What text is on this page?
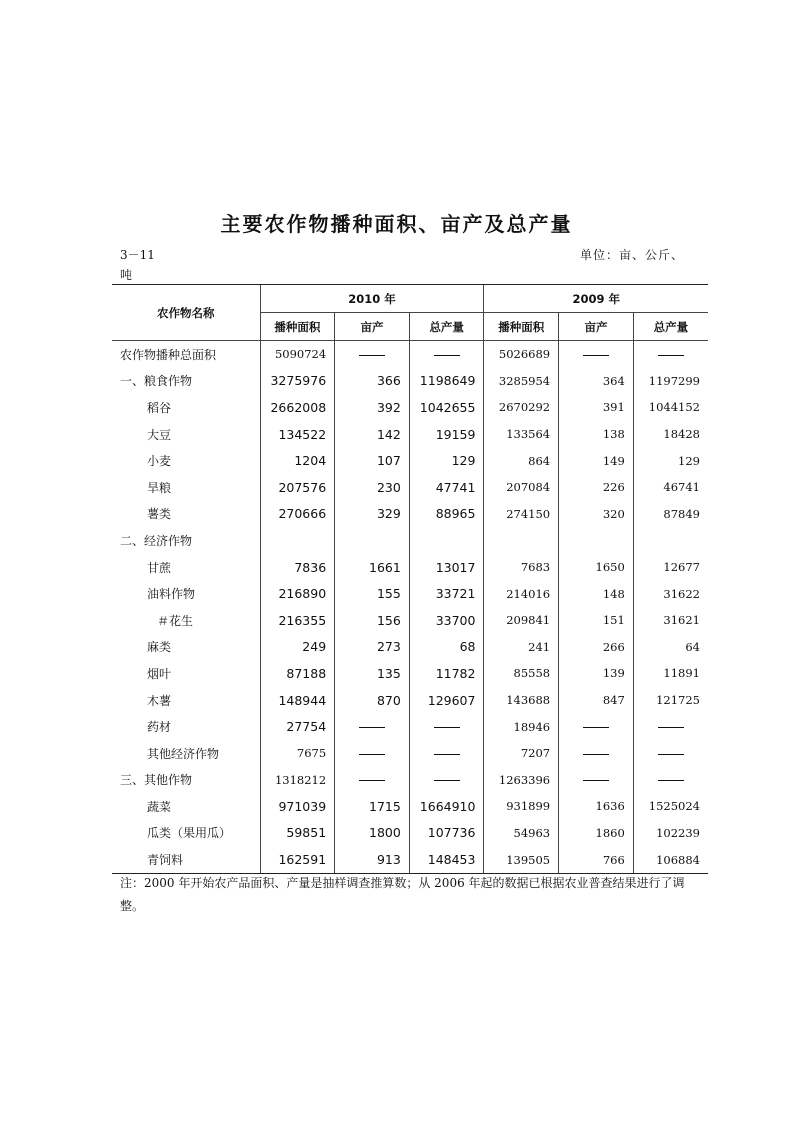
主要农作物播种面积、亩产及总产量
3－11	单位：亩、公斤、
吨
农作物名称	2010 年			2009 年		
	播种面积	亩产	总产量	播种面积	亩产	总产量
农作物播种总面积	5090724			5026689		
一、粮食作物	3275976	366	1198649	3285954	364	1197299
稻谷	2662008	392	1042655	2670292	391	1044152
大豆	134522	142	19159	133564	138	18428
小麦	1204	107	129	864	149	129
旱粮	207576	230	47741	207084	226	46741
薯类	270666	329	88965	274150	320	87849
二、经济作物						
甘蔗	7836	1661	13017	7683	1650	12677
油料作物	216890	155	33721	214016	148	31622
＃花生	216355	156	33700	209841	151	31621
麻类	249	273	68	241	266	64
烟叶	87188	135	11782	85558	139	11891
木薯	148944	870	129607	143688	847	121725
药材	27754			18946		
其他经济作物	7675			7207		
三、其他作物	1318212			1263396		
蔬菜	971039	1715	1664910	931899	1636	1525024
瓜类（果用瓜）	59851	1800	107736	54963	1860	102239
青饲料	162591	913	148453	139505	766	106884
注：2000 年开始农产品面积、产量是抽样调查推算数；从 2006 年起的数据已根据农业普查结果进行了调整。
